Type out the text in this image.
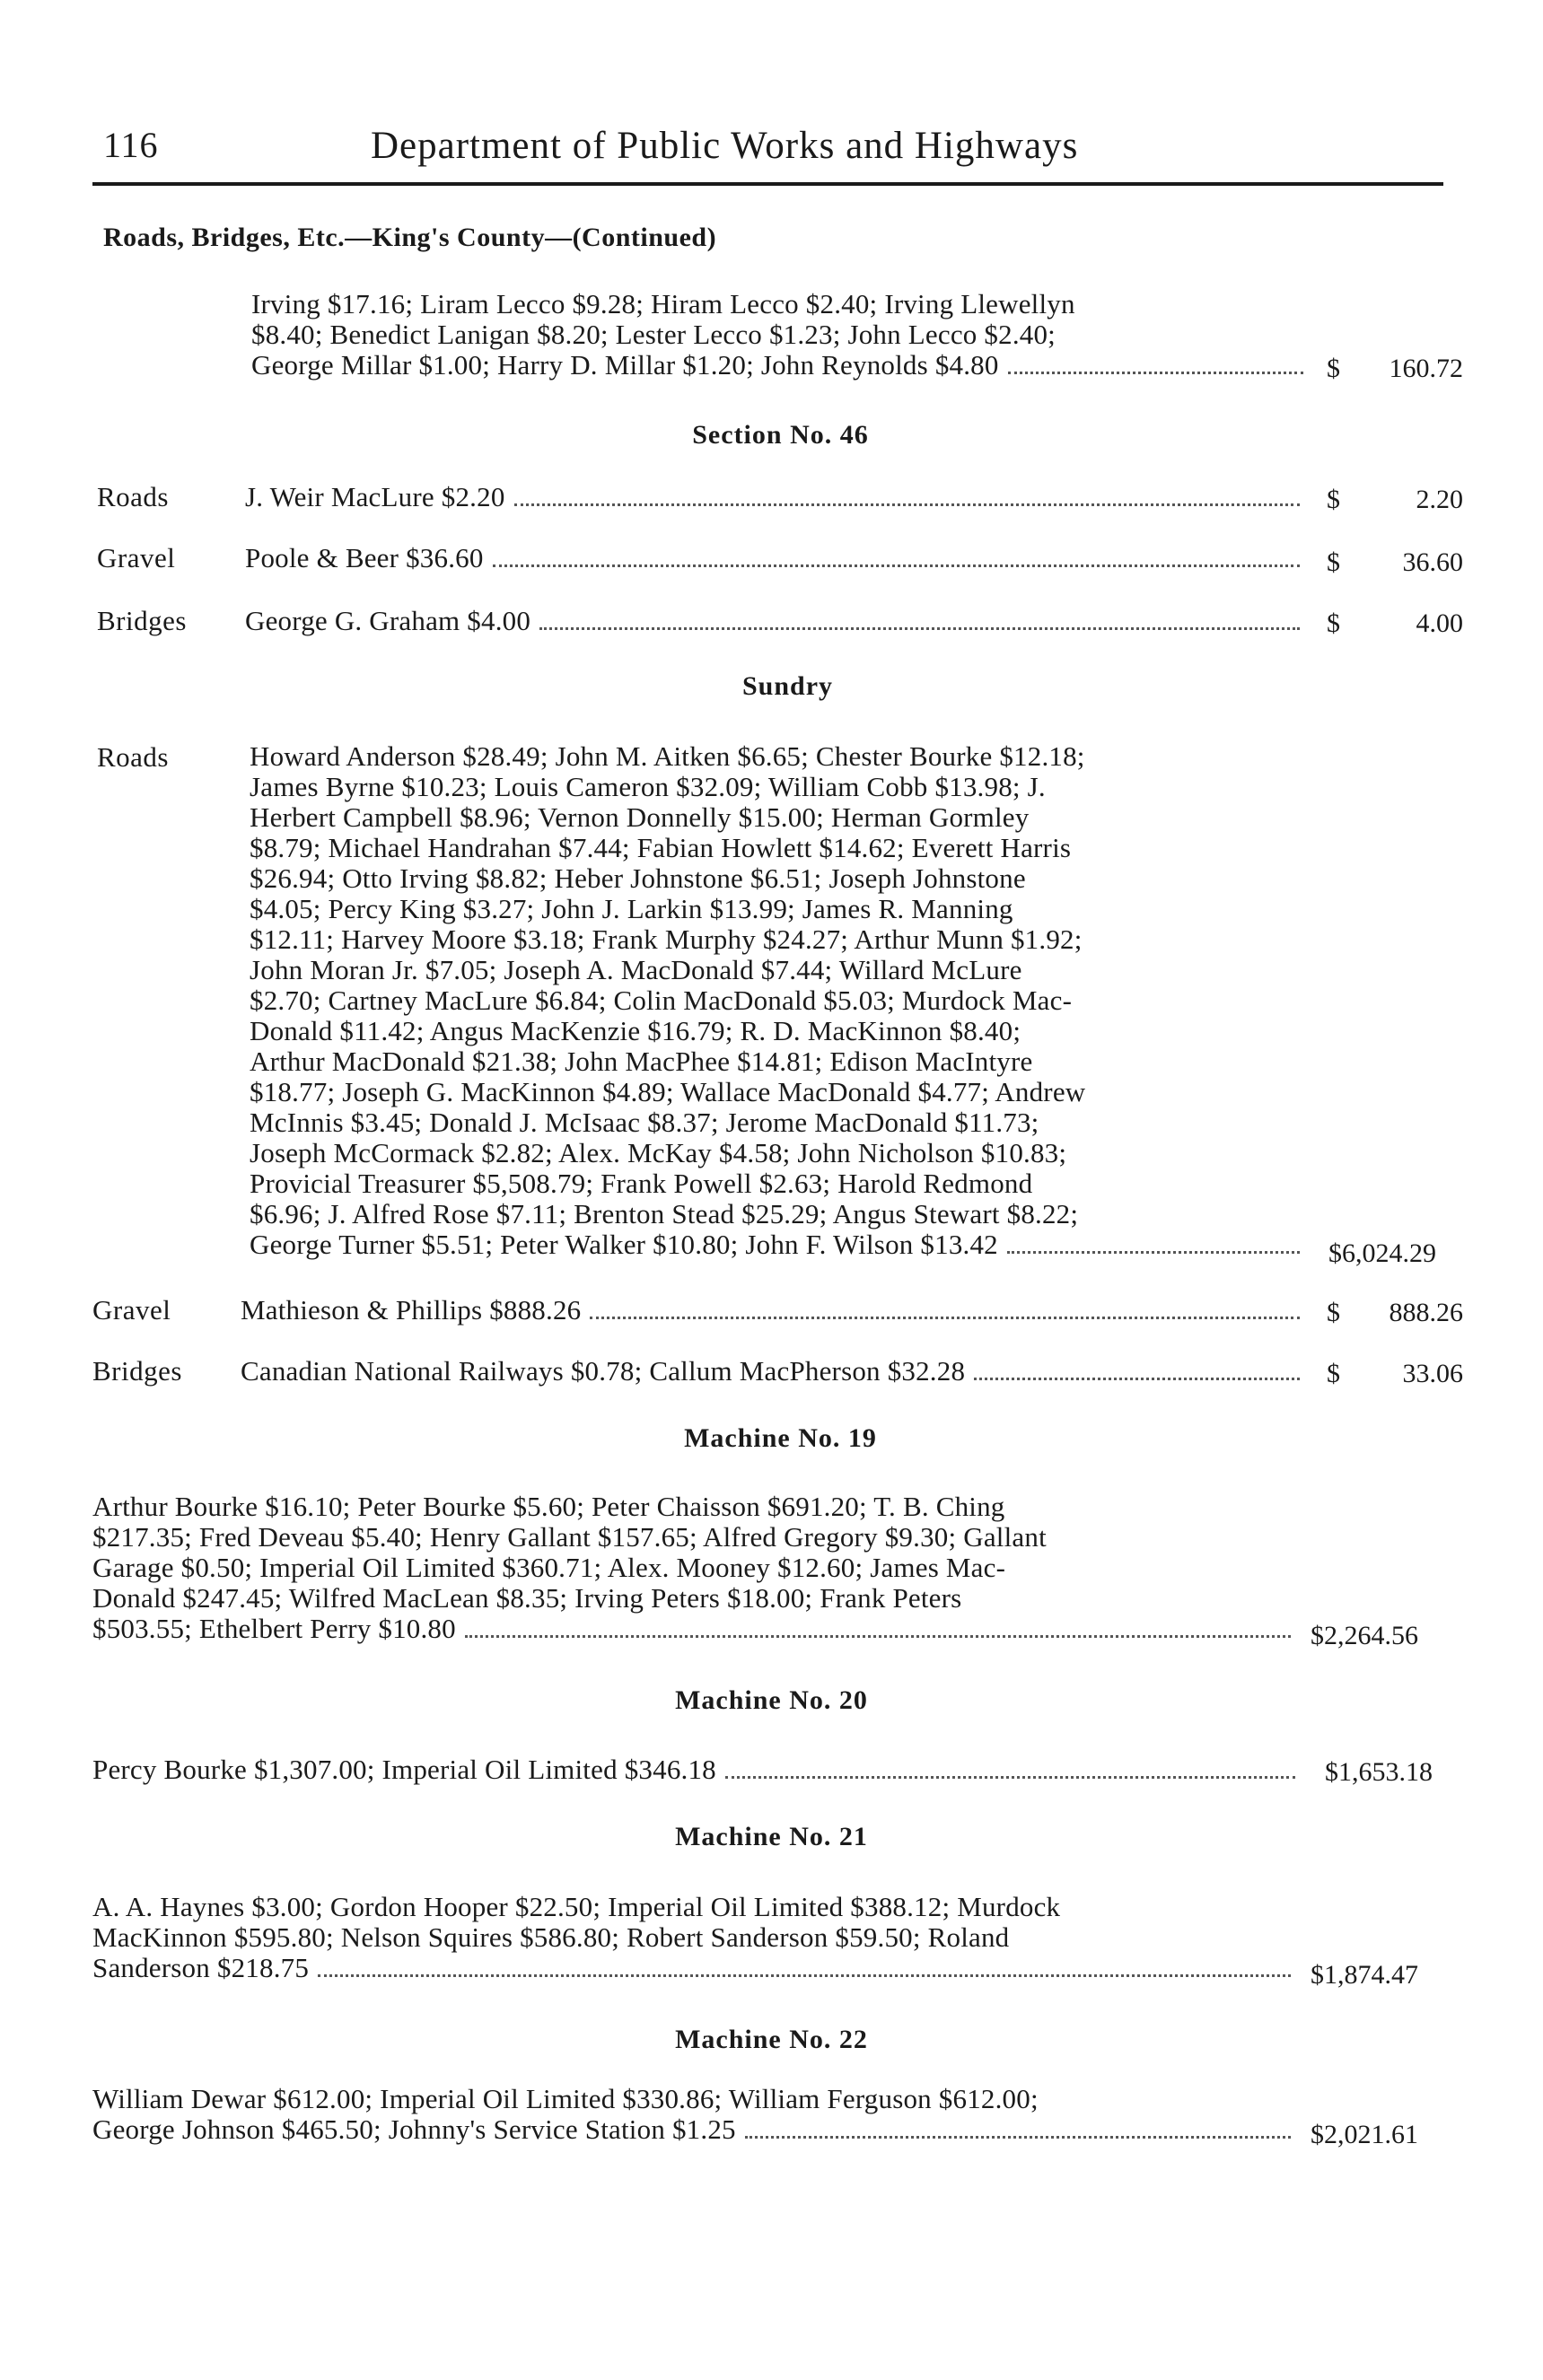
116	Department of Public Works and Highways
Roads, Bridges, Etc.—King's County—(Continued)
Irving $17.16; Liram Lecco $9.28; Hiram Lecco $2.40; Irving Llewellyn
$8.40; Benedict Lanigan $8.20; Lester Lecco $1.23; John Lecco $2.40;
George Millar $1.00; Harry D. Millar $1.20; John Reynolds $4.80	$ 160.72
Section No. 46
Roads	J. Weir MacLure $2.20	$	2.20
Gravel	Poole & Beer $36.60	$ 36.60
Bridges George G. Graham $4.00	$	4.00
Sundry
Roads	Howard Anderson $28.49; John M. Aitken $6.65; Chester Bourke $12.18;
James Byrne $10.23; Louis Cameron $32.09; William Cobb $13.98; J.
Herbert Campbell $8.96; Vernon Donnelly $15.00; Herman Gormley
$8.79; Michael Handrahan $7.44; Fabian Howlett $14.62; Everett Harris
$26.94; Otto Irving $8.82; Heber Johnstone $6.51; Joseph Johnstone
$4.05; Percy King $3.27; John J. Larkin $13.99; James R. Manning
$12.11; Harvey Moore $3.18; Frank Murphy $24.27; Arthur Munn $1.92;
John Moran Jr. $7.05; Joseph A. MacDonald $7.44; Willard McLure
$2.70; Cartney MacLure $6.84; Colin MacDonald $5.03; Murdock Mac-
Donald $11.42; Angus MacKenzie $16.79; R. D. MacKinnon $8.40;
Arthur MacDonald $21.38; John MacPhee $14.81; Edison MacIntyre
$18.77; Joseph G. MacKinnon $4.89; Wallace MacDonald $4.77; Andrew
McInnis $3.45; Donald J. McIsaac $8.37; Jerome MacDonald $11.73;
Joseph McCormack $2.82; Alex. McKay $4.58; John Nicholson $10.83;
Provicial Treasurer $5,508.79; Frank Powell $2.63; Harold Redmond
$6.96; J. Alfred Rose $7.11; Brenton Stead $25.29; Angus Stewart $8.22;
George Turner $5.51; Peter Walker $10.80; John F. Wilson $13.42	$6,024.29
Gravel	Mathieson & Phillips $888.26	$ 888.26
Bridges Canadian National Railways $0.78; Callum MacPherson $32.28	$ 33.06
Machine No. 19
Arthur Bourke $16.10; Peter Bourke $5.60; Peter Chaisson $691.20; T. B. Ching
$217.35; Fred Deveau $5.40; Henry Gallant $157.65; Alfred Gregory $9.30; Gallant
Garage $0.50; Imperial Oil Limited $360.71; Alex. Mooney $12.60; James Mac-
Donald $247.45; Wilfred MacLean $8.35; Irving Peters $18.00; Frank Peters
$503.55; Ethelbert Perry $10.80	$2,264.56
Machine No. 20
Percy Bourke $1,307.00; Imperial Oil Limited $346.18	$1,653.18
Machine No. 21
A. A. Haynes $3.00; Gordon Hooper $22.50; Imperial Oil Limited $388.12; Murdock
MacKinnon $595.80; Nelson Squires $586.80; Robert Sanderson $59.50; Roland
Sanderson $218.75	$1,874.47
Machine No. 22
William Dewar $612.00; Imperial Oil Limited $330.86; William Ferguson $612.00;
George Johnson $465.50; Johnny's Service Station $1.25	$2,021.61
